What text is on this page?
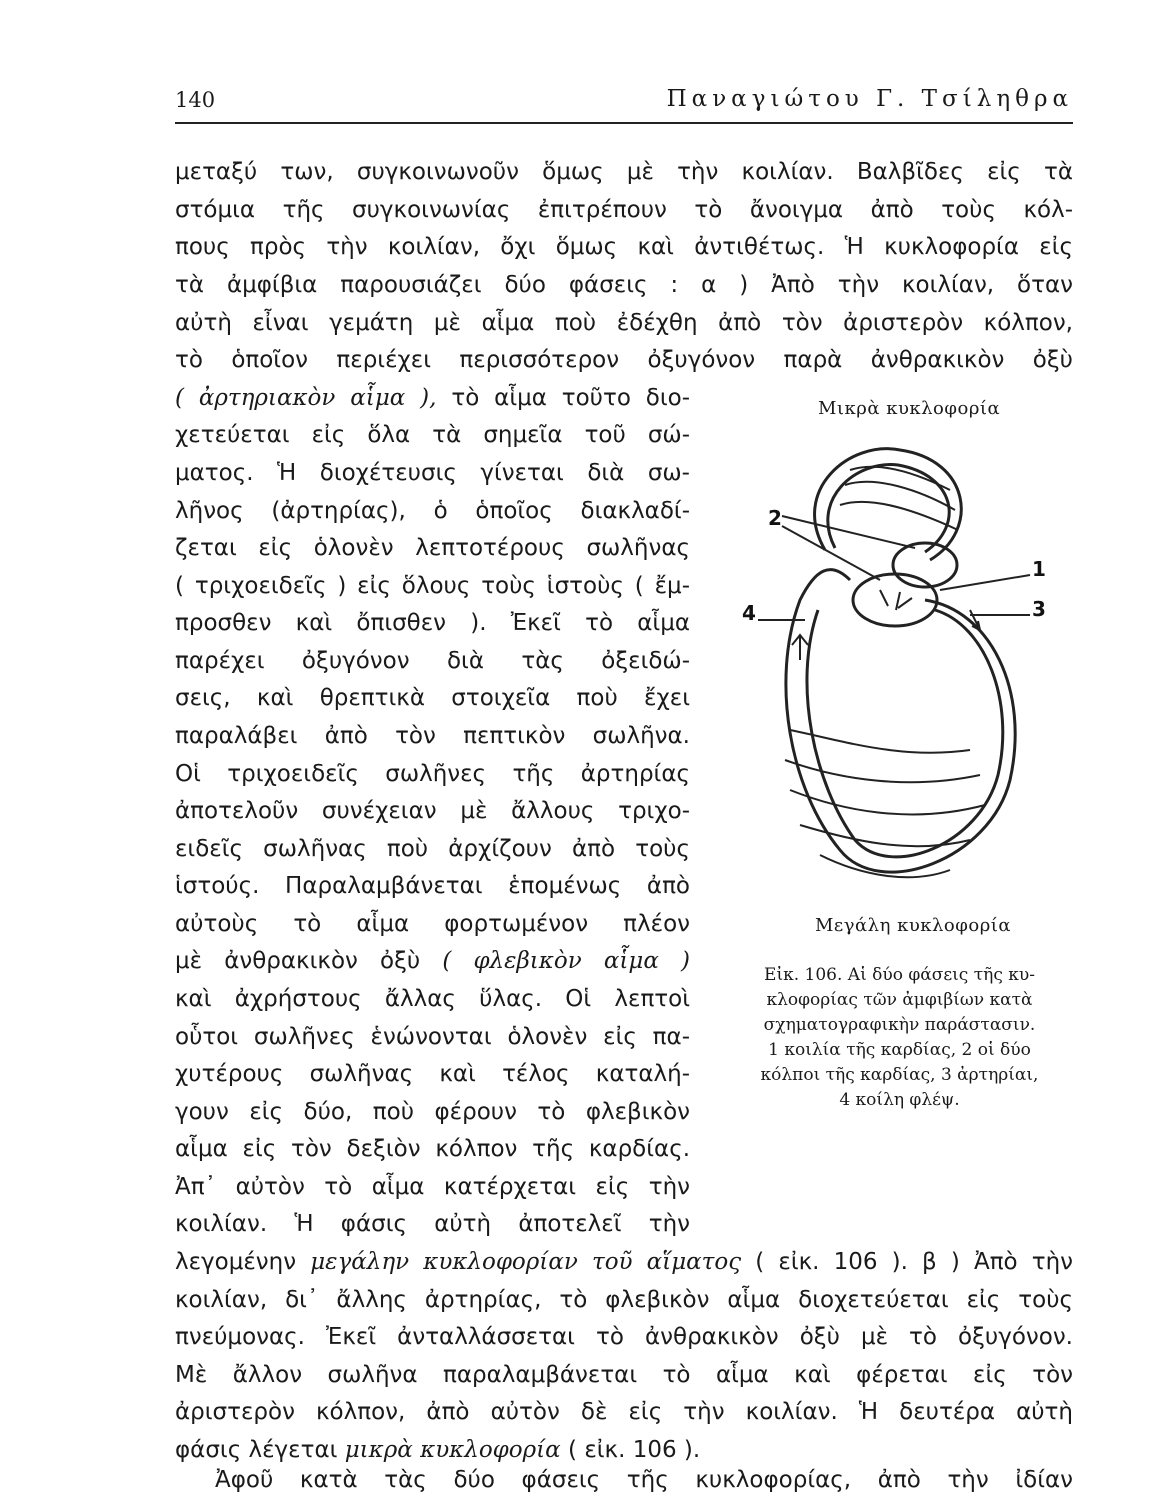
140	Παναγιώτου Γ. Τσίληθρα
μεταξύ των, συγκοινωνοῦν ὅμως μὲ τὴν κοιλίαν. Βαλβῖδες εἰς τὰ
στόμια τῆς συγκοινωνίας ἐπιτρέπουν τὸ ἄνοιγμα ἀπὸ τοὺς κόλ-
πους πρὸς τὴν κοιλίαν, ὄχι ὅμως καὶ ἀντιθέτως. Ἡ κυκλοφορία εἰς
τὰ ἀμφίβια παρουσιάζει δύο φάσεις : α ) Ἀπὸ τὴν κοιλίαν, ὅταν
αὐτὴ εἶναι γεμάτη μὲ αἷμα ποὺ ἐδέχθη ἀπὸ τὸν ἀριστερὸν κόλπον,
τὸ ὁποῖον περιέχει περισσότερον ὀξυγόνον παρὰ ἀνθρακικὸν ὀξὺ
( ἀρτηριακὸν αἷμα ), τὸ αἷμα τοῦτο διο-
χετεύεται εἰς ὅλα τὰ σημεῖα τοῦ σώ-
ματος. Ἡ διοχέτευσις γίνεται διὰ σω-
λῆνος (ἀρτηρίας), ὁ ὁποῖος διακλαδί-
ζεται εἰς ὁλονὲν λεπτοτέρους σωλῆνας
( τριχοειδεῖς ) εἰς ὅλους τοὺς ἱστοὺς ( ἔμ-
προσθεν καὶ ὄπισθεν ). Ἐκεῖ τὸ αἷμα
παρέχει ὀξυγόνον διὰ τὰς ὀξειδώ-
σεις, καὶ θρεπτικὰ στοιχεῖα ποὺ ἔχει
παραλάβει ἀπὸ τὸν πεπτικὸν σωλῆνα.
Οἱ τριχοειδεῖς σωλῆνες τῆς ἀρτηρίας
ἀποτελοῦν συνέχειαν μὲ ἄλλους τριχο-
ειδεῖς σωλῆνας ποὺ ἀρχίζουν ἀπὸ τοὺς
ἱστούς. Παραλαμβάνεται ἑπομένως ἀπὸ
αὐτοὺς τὸ αἷμα φορτωμένον πλέον
μὲ ἀνθρακικὸν ὀξὺ ( φλεβικὸν αἷμα )
καὶ ἀχρήστους ἄλλας ὕλας. Οἱ λεπτοὶ
οὗτοι σωλῆνες ἑνώνονται ὁλονὲν εἰς πα-
χυτέρους σωλῆνας καὶ τέλος καταλή-
γουν εἰς δύο, ποὺ φέρουν τὸ φλεβικὸν
αἷμα εἰς τὸν δεξιὸν κόλπον τῆς καρδίας.
Ἀπ᾽ αὐτὸν τὸ αἷμα κατέρχεται εἰς τὴν
κοιλίαν. Ἡ φάσις αὐτὴ ἀποτελεῖ τὴν
λεγομένην μεγάλην κυκλοφορίαν τοῦ αἵματος ( εἰκ. 106 ). β ) Ἀπὸ τὴν
κοιλίαν, δι᾽ ἄλλης ἀρτηρίας, τὸ φλεβικὸν αἷμα διοχετεύεται εἰς τοὺς
πνεύμονας. Ἐκεῖ ἀνταλλάσσεται τὸ ἀνθρακικὸν ὀξὺ μὲ τὸ ὀξυγόνον.
Μὲ ἄλλον σωλῆνα παραλαμβάνεται τὸ αἷμα καὶ φέρεται εἰς τὸν
ἀριστερὸν κόλπον, ἀπὸ αὐτὸν δὲ εἰς τὴν κοιλίαν. Ἡ δευτέρα αὐτὴ
φάσις λέγεται μικρὰ κυκλοφορία ( εἰκ. 106 ).
Ἀφοῦ κατὰ τὰς δύο φάσεις τῆς κυκλοφορίας, ἀπὸ τὴν ἰδίαν
Μικρὰ κυκλοφορία
1
2
3
4
Μεγάλη κυκλοφορία
Εἰκ. 106. Αἱ δύο φάσεις τῆς κυ-
κλοφορίας τῶν ἀμφιβίων κατὰ
σχηματογραφικὴν παράστασιν.
1 κοιλία τῆς καρδίας, 2 οἱ δύο
κόλποι τῆς καρδίας, 3 ἀρτηρίαι,
4 κοίλη φλέψ.
